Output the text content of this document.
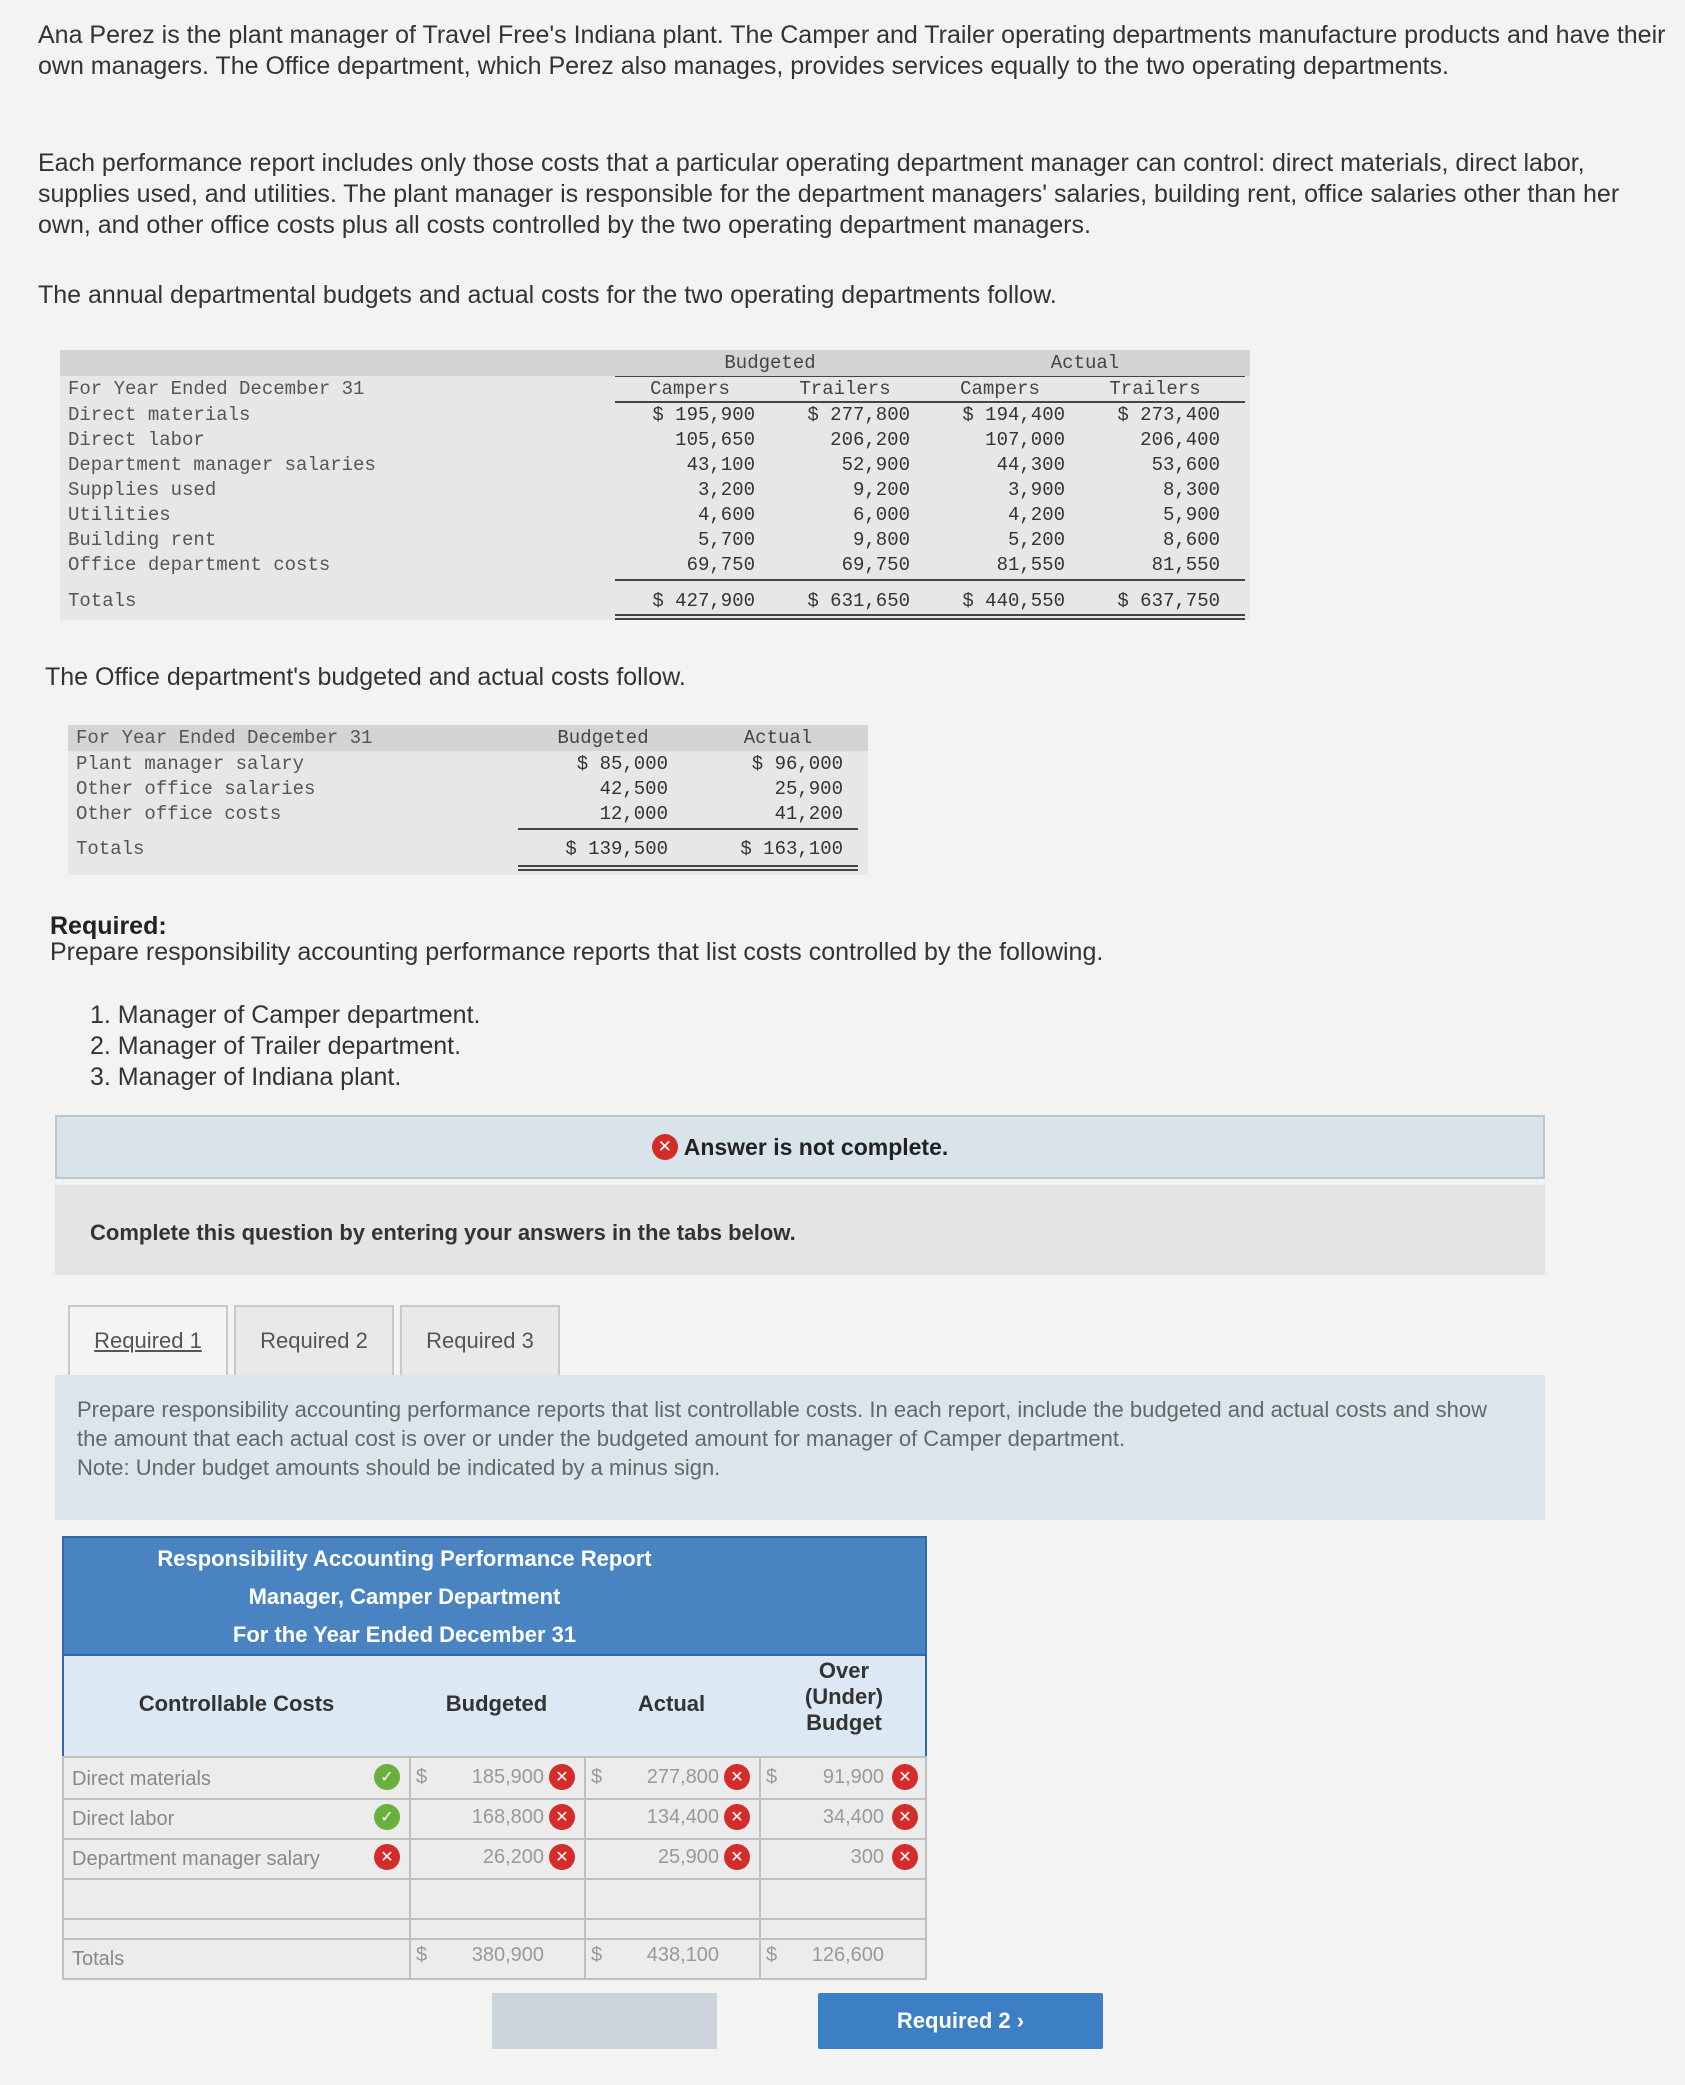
Ana Perez is the plant manager of Travel Free's Indiana plant. The Camper and Trailer operating departments manufacture products and have their own managers. The Office department, which Perez also manages, provides services equally to the two operating departments.

Each performance report includes only those costs that a particular operating department manager can control: direct materials, direct labor, supplies used, and utilities. The plant manager is responsible for the department managers' salaries, building rent, office salaries other than her own, and other office costs plus all costs controlled by the two operating department managers.

The annual departmental budgets and actual costs for the two operating departments follow.

Budgeted	Actual
For Year Ended December 31	Campers	Trailers	Campers	Trailers
Direct materials	$ 195,900	$ 277,800	$ 194,400	$ 273,400
Direct labor	105,650	206,200	107,000	206,400
Department manager salaries	43,100	52,900	44,300	53,600
Supplies used	3,200	9,200	3,900	8,300
Utilities	4,600	6,000	4,200	5,900
Building rent	5,700	9,800	5,200	8,600
Office department costs	69,750	69,750	81,550	81,550
Totals	$ 427,900	$ 631,650	$ 440,550	$ 637,750

The Office department's budgeted and actual costs follow.

For Year Ended December 31	Budgeted	Actual
Plant manager salary	$ 85,000	$ 96,000
Other office salaries	42,500	25,900
Other office costs	12,000	41,200
Totals	$ 139,500	$ 163,100
Required:
Prepare responsibility accounting performance reports that list costs controlled by the following.
1. Manager of Camper department.
2. Manager of Trailer department.
3. Manager of Indiana plant.
✕ Answer is not complete.
Complete this question by entering your answers in the tabs below.
Required 1	Required 2	Required 3
Prepare responsibility accounting performance reports that list controllable costs. In each report, include the budgeted and actual costs and show the amount that each actual cost is over or under the budgeted amount for manager of Camper department.
Note: Under budget amounts should be indicated by a minus sign.
Responsibility Accounting Performance Report
Manager, Camper Department
For the Year Ended December 31
Controllable Costs	Budgeted	Actual
Over
(Under)
Budget
Direct materials	✓	$	185,900 ✕	$	277,800 ✕	$	91,900 ✕
Direct labor	✓	168,800 ✕	134,400 ✕	34,400 ✕
Department manager salary	✕	26,200 ✕	25,900 ✕	300 ✕
Totals	$	380,900 $	438,100 $	126,600
Required 2 ›
